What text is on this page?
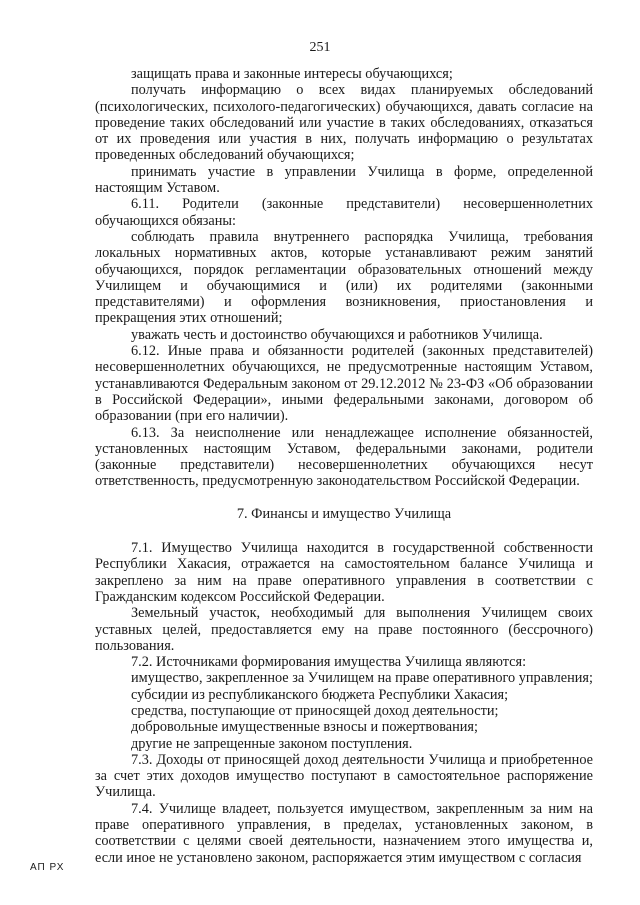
251

защищать права и законные интересы обучающихся;

получать информацию о всех видах планируемых обследований (психологических, психолого-педагогических) обучающихся, давать согласие на проведение таких обследований или участие в таких обследованиях, отказаться от их проведения или участия в них, получать информацию о результатах проведенных обследований обучающихся;

принимать участие в управлении Училища в форме, определенной настоящим Уставом.

6.11. Родители (законные представители) несовершеннолетних обучающихся обязаны:

соблюдать правила внутреннего распорядка Училища, требования локальных нормативных актов, которые устанавливают режим занятий обучающихся, порядок регламентации образовательных отношений между Училищем и обучающимися и (или) их родителями (законными представителями) и оформления возникновения, приостановления и прекращения этих отношений;

уважать честь и достоинство обучающихся и работников Училища.

6.12. Иные права и обязанности родителей (законных представителей) несовершеннолетних обучающихся, не предусмотренные настоящим Уставом, устанавливаются Федеральным законом от 29.12.2012 № 23-ФЗ «Об образовании в Российской Федерации», иными федеральными законами, договором об образовании (при его наличии).

6.13. За неисполнение или ненадлежащее исполнение обязанностей, установленных настоящим Уставом, федеральными законами, родители (законные представители) несовершеннолетних обучающихся несут ответственность, предусмотренную законодательством Российской Федерации.

7. Финансы и имущество Училища

7.1. Имущество Училища находится в государственной собственности Республики Хакасия, отражается на самостоятельном балансе Училища и закреплено за ним на праве оперативного управления в соответствии с Гражданским кодексом Российской Федерации.

Земельный участок, необходимый для выполнения Училищем своих уставных целей, предоставляется ему на праве постоянного (бессрочного) пользования.

7.2. Источниками формирования имущества Училища являются:

имущество, закрепленное за Училищем на праве оперативного управления;

субсидии из республиканского бюджета Республики Хакасия;

средства, поступающие от приносящей доход деятельности;

добровольные имущественные взносы и пожертвования;

другие не запрещенные законом поступления.

7.3. Доходы от приносящей доход деятельности Училища и приобретенное за счет этих доходов имущество поступают в самостоятельное распоряжение Училища.

7.4. Училище владеет, пользуется имуществом, закрепленным за ним на праве оперативного управления, в пределах, установленных законом, в соответствии с целями своей деятельности, назначением этого имущества и, если иное не установлено законом, распоряжается этим имуществом с согласия

АП РХ
